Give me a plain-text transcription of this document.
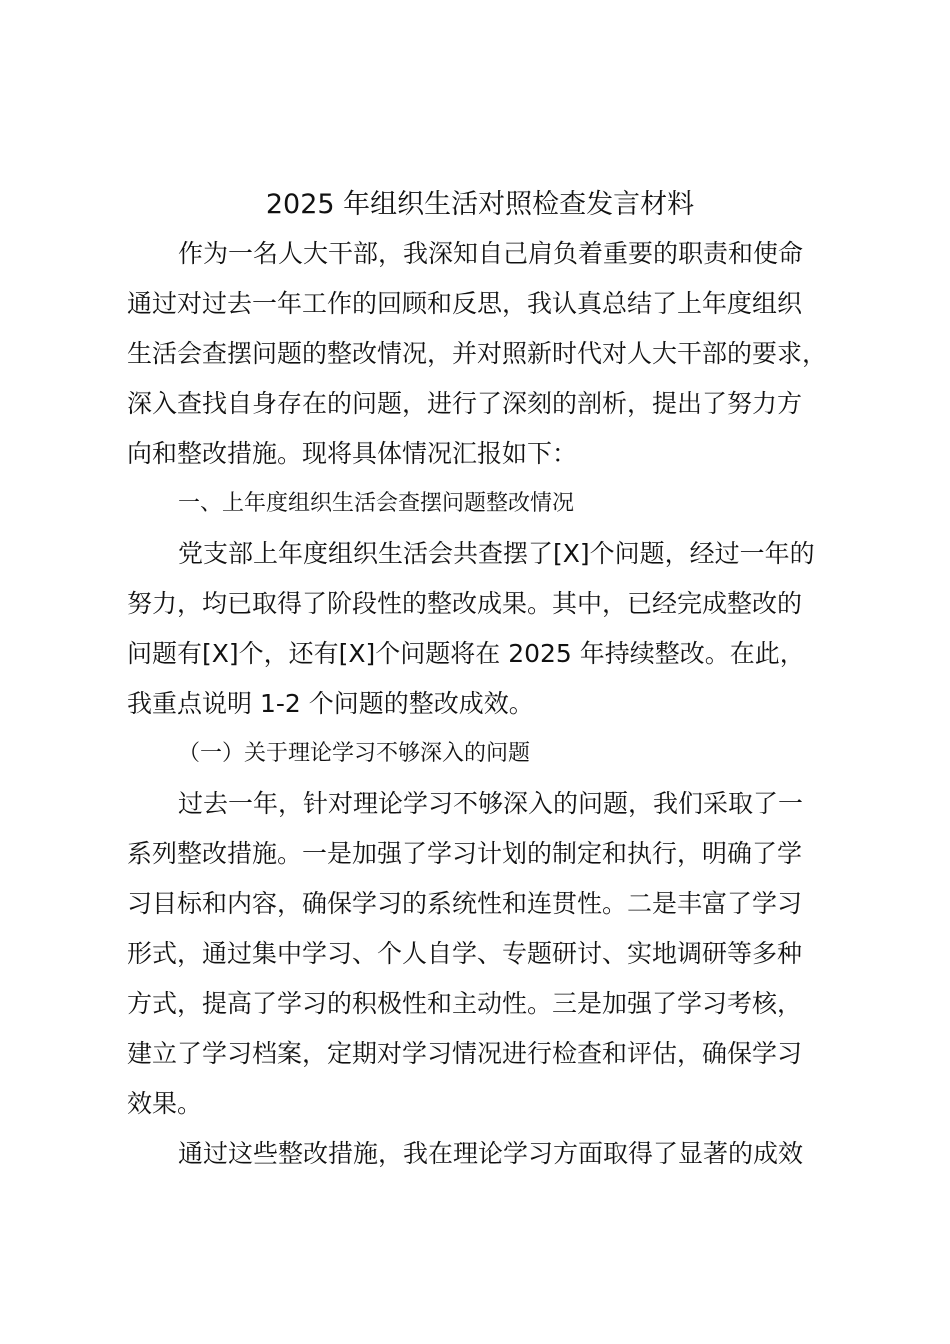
2025 年组织生活对照检查发言材料
作为一名人大干部，我深知自己肩负着重要的职责和使命
通过对过去一年工作的回顾和反思，我认真总结了上年度组织
生活会查摆问题的整改情况，并对照新时代对人大干部的要求，
深入查找自身存在的问题，进行了深刻的剖析，提出了努力方
向和整改措施。现将具体情况汇报如下：
一、上年度组织生活会查摆问题整改情况
党支部上年度组织生活会共查摆了[X]个问题，经过一年的
努力，均已取得了阶段性的整改成果。其中，已经完成整改的
问题有[X]个，还有[X]个问题将在 2025 年持续整改。在此，
我重点说明 1-2 个问题的整改成效。
（一）关于理论学习不够深入的问题
过去一年，针对理论学习不够深入的问题，我们采取了一
系列整改措施。一是加强了学习计划的制定和执行，明确了学
习目标和内容，确保学习的系统性和连贯性。二是丰富了学习
形式，通过集中学习、个人自学、专题研讨、实地调研等多种
方式，提高了学习的积极性和主动性。三是加强了学习考核，
建立了学习档案，定期对学习情况进行检查和评估，确保学习
效果。
通过这些整改措施，我在理论学习方面取得了显著的成效
